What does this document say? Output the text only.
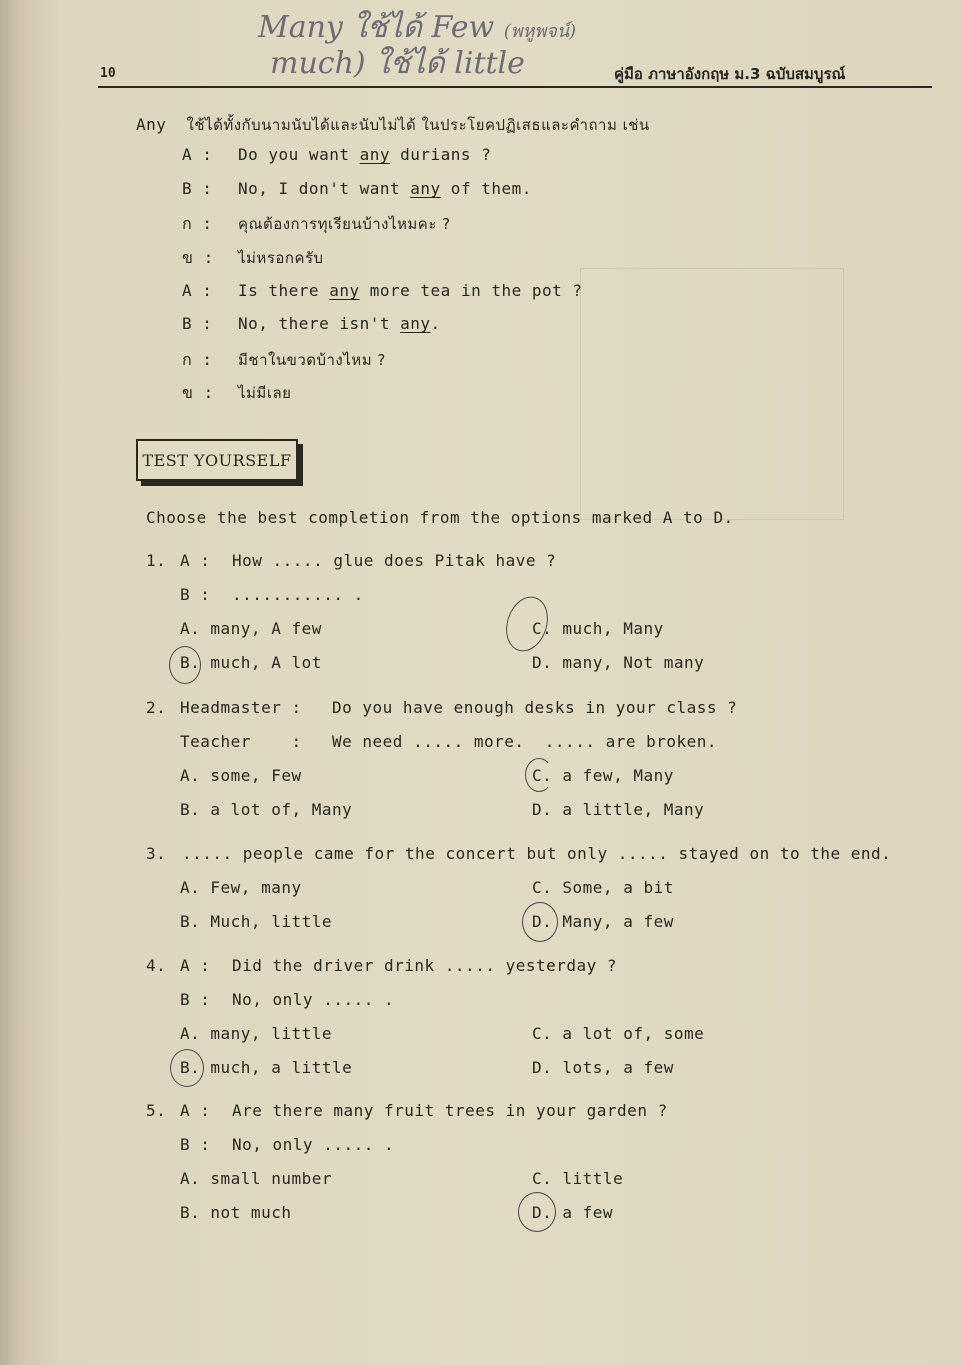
Many ใช้ได้ Few (พหูพจน์)
much) ใช้ได้ little
10	คู่มือ ภาษาอังกฤษ ม.3 ฉบับสมบูรณ์
Any ใช้ได้ทั้งกับนามนับได้และนับไม่ได้ ในประโยคปฏิเสธและคำถาม เช่น
A : Do you want any durians ?
B : No, I don't want any of them.
ก : คุณต้องการทุเรียนบ้างไหมคะ ?
ข : ไม่หรอกครับ
A : Is there any more tea in the pot ?
B : No, there isn't any.
ก : มีชาในขวดบ้างไหม ?
ข : ไม่มีเลย
TEST YOURSELF
Choose the best completion from the options marked A to D.
1. A : How ..... glue does Pitak have ?
B : ........... .
A. many, A few	C. much, Many
B. much, A lot	D. many, Not many
2. Headmaster : Do you have enough desks in your class ?
Teacher    : We need ..... more.  ..... are broken.
A. some, Few	C. a few, Many
B. a lot of, Many	D. a little, Many
3. ..... people came for the concert but only ..... stayed on to the end.
A. Few, many	C. Some, a bit
B. Much, little	D. Many, a few
4. A : Did the driver drink ..... yesterday ?
B : No, only ..... .
A. many, little	C. a lot of, some
B. much, a little	D. lots, a few
5. A : Are there many fruit trees in your garden ?
B : No, only ..... .
A. small number	C. little
B. not much	D. a few
